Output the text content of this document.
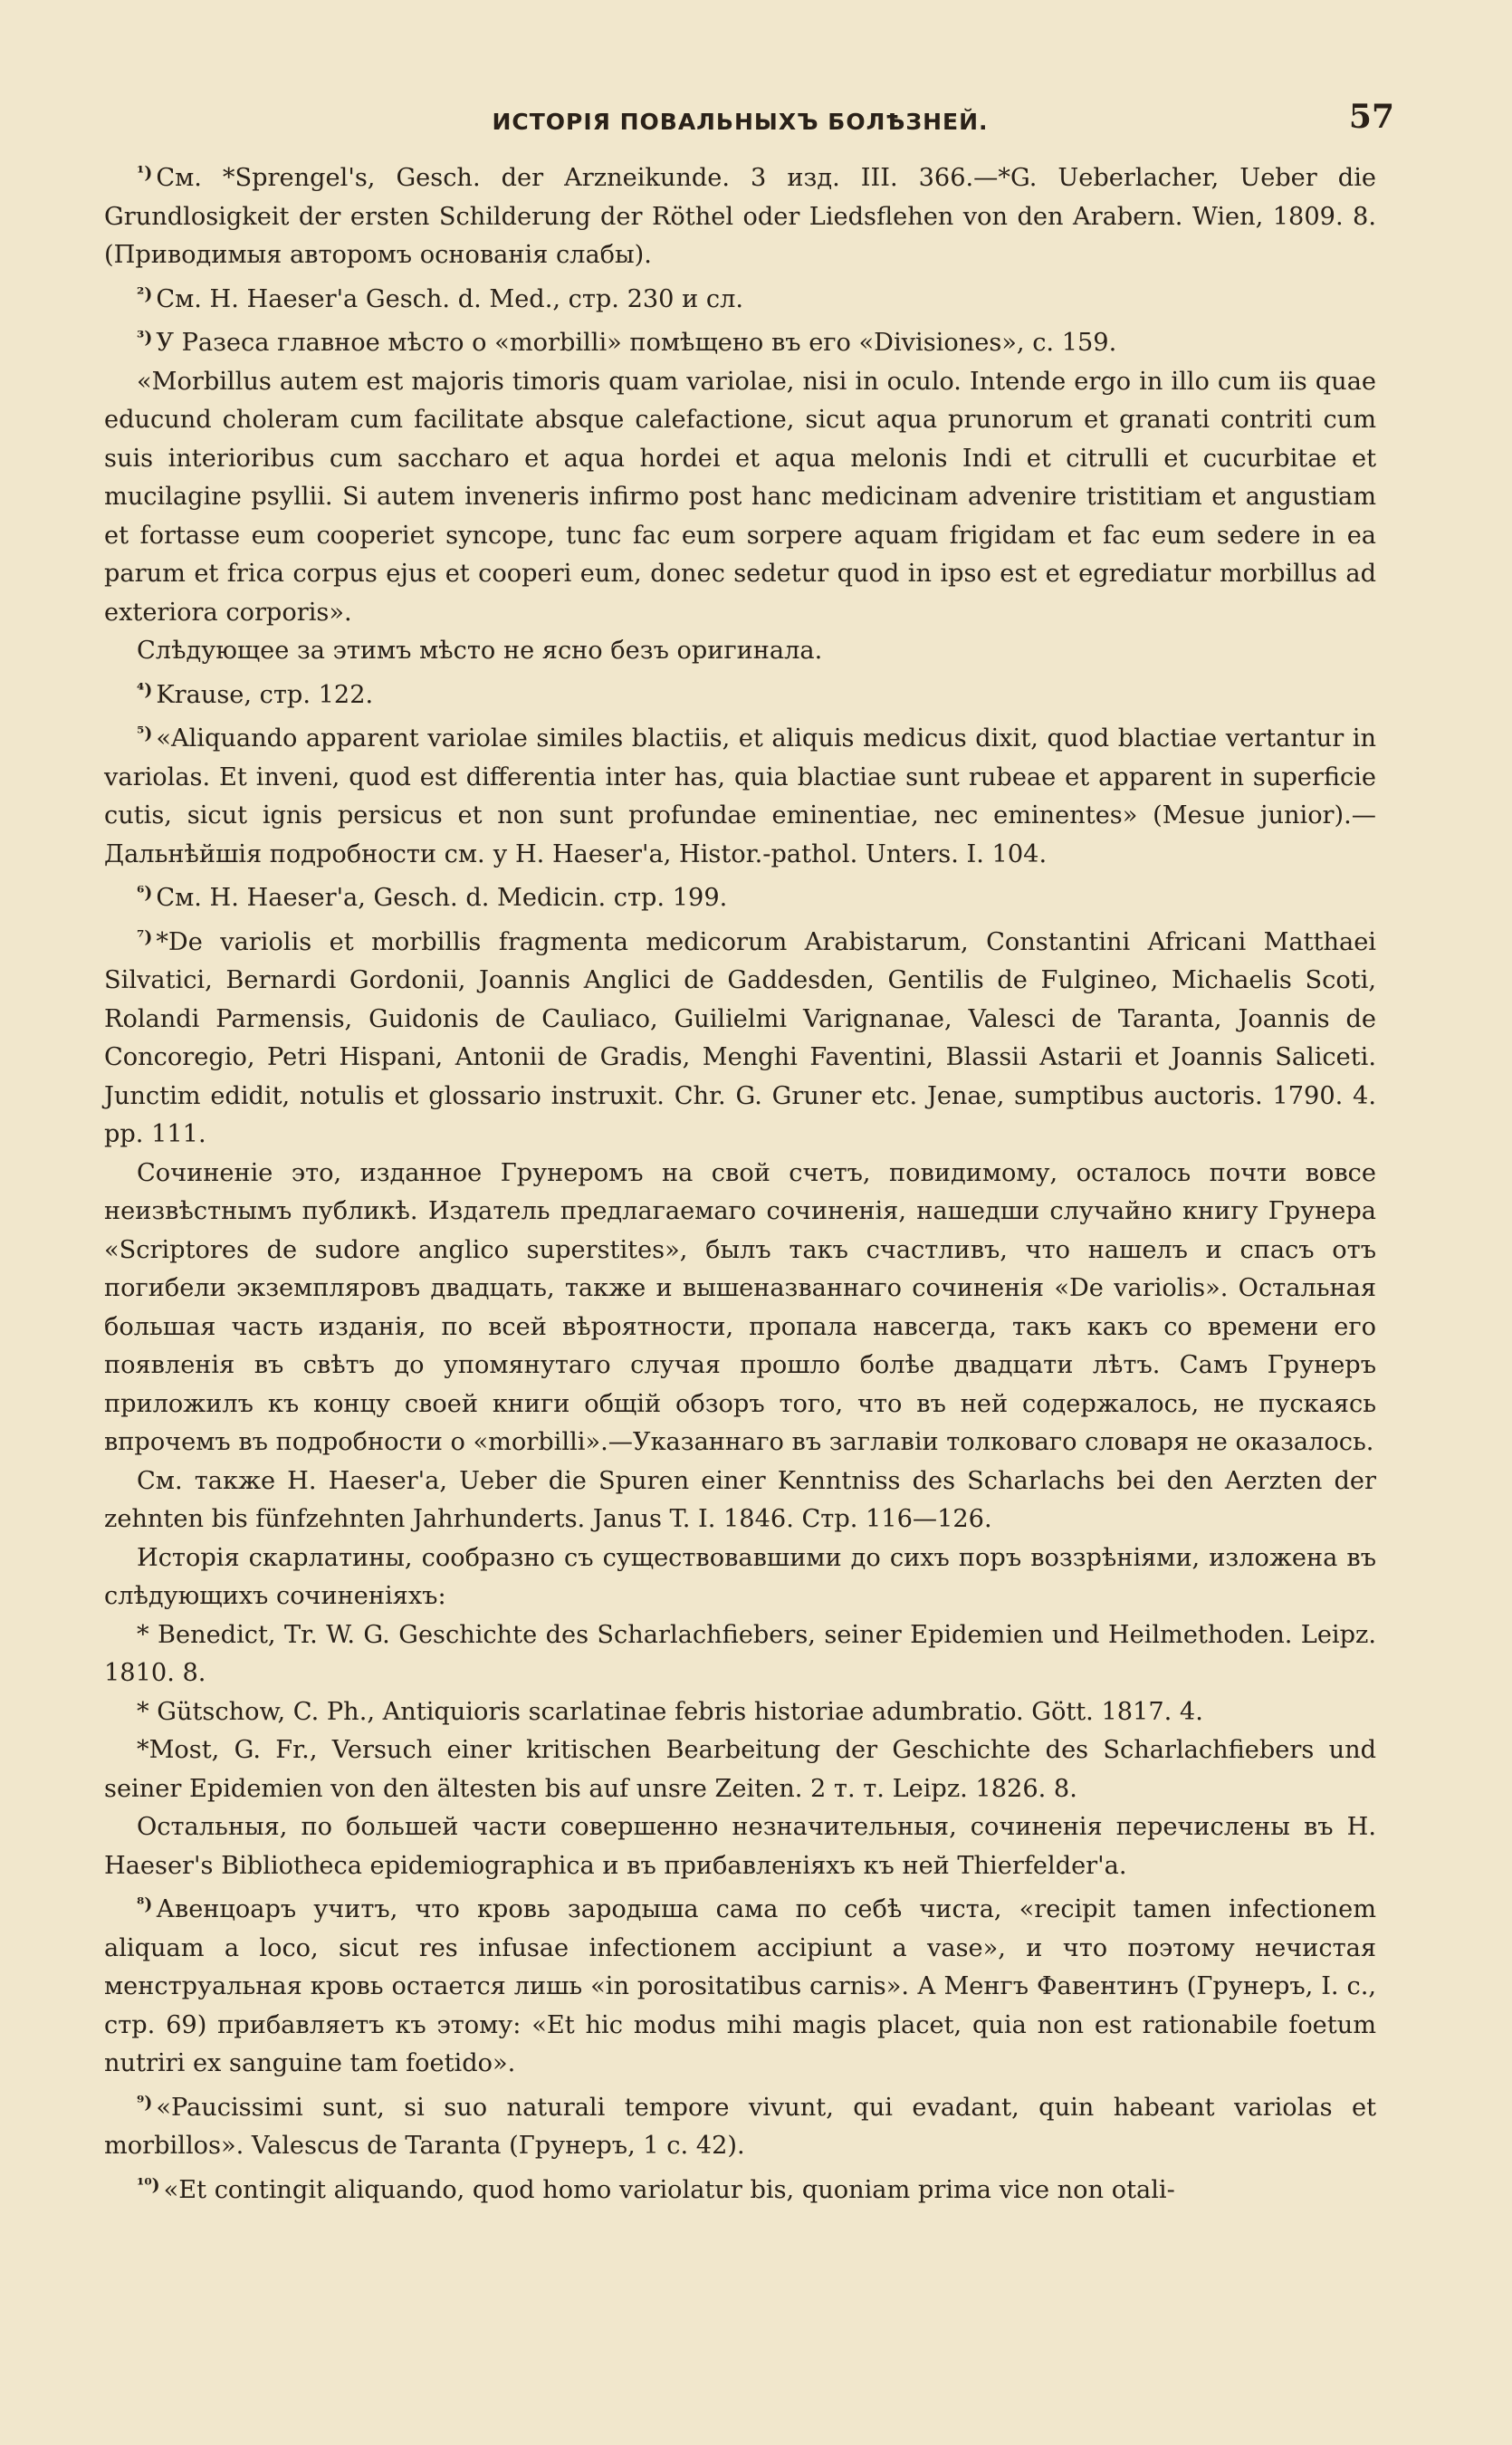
ИСТОРІЯ ПОВАЛЬНЫХЪ БОЛѢЗНЕЙ.	57

$^{^1)}$ См. *Sprengel's, Gesch. der Arzneikunde. 3 изд. III. 366.—*G. Ueberlacher, Ueber die Grundlosigkeit der ersten Schilderung der Röthel oder Liedsflehen von den Arabern. Wien, 1809. 8. (Приводимыя авторомъ основанія слабы).

$^{^2)}$ См. H. Haeser'a Gesch. d. Med., стр. 230 и сл.

$^{^3)}$ У Разеса главное мѣсто о «morbilli» помѣщено въ его «Divisiones», с. 159.

«Morbillus autem est majoris timoris quam variolae, nisi in oculo. Intende ergo in illo cum iis quae educund choleram cum facilitate absque calefactione, sicut aqua prunorum et granati contriti cum suis interioribus cum saccharo et aqua hordei et aqua melonis Indi et citrulli et cucurbitae et mucilagine psyllii. Si autem inveneris infirmo post hanc medicinam advenire tristitiam et angustiam et fortasse eum cooperiet syncope, tunc fac eum sorpere aquam frigidam et fac eum sedere in ea parum et frica corpus ejus et cooperi eum, donec sedetur quod in ipso est et egrediatur morbillus ad exteriora corporis».

Слѣдующее за этимъ мѣсто не ясно безъ оригинала.

$^{^4)}$ Krause, стр. 122.

$^{^5)}$ «Aliquando apparent variolae similes blactiis, et aliquis medicus dixit, quod blactiae vertantur in variolas. Et inveni, quod est differentia inter has, quia blactiae sunt rubeae et apparent in superficie cutis, sicut ignis persicus et non sunt profundae eminentiae, nec eminentes» (Mesue junior).—Дальнѣйшія подробности см. у H. Haeser'a, Histor.-pathol. Unters. I. 104.

$^{^6)}$ См. H. Haeser'a, Gesch. d. Medicin. стр. 199.

$^{^7)}$ *De variolis et morbillis fragmenta medicorum Arabistarum, Constantini Africani Matthaei Silvatici, Bernardi Gordonii, Joannis Anglici de Gaddesden, Gentilis de Fulgineo, Michaelis Scoti, Rolandi Parmensis, Guidonis de Cauliaco, Guilielmi Varignanae, Valesci de Taranta, Joannis de Concoregio, Petri Hispani, Antonii de Gradis, Menghi Faventini, Blassii Astarii et Joannis Saliceti. Junctim edidit, notulis et glossario instruxit. Chr. G. Gruner etc. Jenae, sumptibus auctoris. 1790. 4. pp. 111.

Сочиненіе это, изданное Грунеромъ на свой счетъ, повидимому, осталось почти вовсе неизвѣстнымъ публикѣ. Издатель предлагаемаго сочиненія, нашедши случайно книгу Грунера «Scriptores de sudore anglico superstites», былъ такъ счастливъ, что нашелъ и спасъ отъ погибели экземпляровъ двадцать, также и вышеназваннаго сочиненія «De variolis». Остальная большая часть изданія, по всей вѣроятности, пропала навсегда, такъ какъ со времени его появленія въ свѣтъ до упомянутаго случая прошло болѣе двадцати лѣтъ. Самъ Грунеръ приложилъ къ концу своей книги общій обзоръ того, что въ ней содержалось, не пускаясь впрочемъ въ подробности о «morbilli».—Указаннаго въ заглавіи толковаго словаря не оказалось.

См. также H. Haeser'a, Ueber die Spuren einer Kenntniss des Scharlachs bei den Aerzten der zehnten bis fünfzehnten Jahrhunderts. Janus T. I. 1846. Стр. 116—126.

Исторія скарлатины, сообразно съ существовавшими до сихъ поръ воззрѣніями, изложена въ слѣдующихъ сочиненіяхъ:

* Benedict, Tr. W. G. Geschichte des Scharlachfiebers, seiner Epidemien und Heilmethoden. Leipz. 1810. 8.

* Gütschow, C. Ph., Antiquioris scarlatinae febris historiae adumbratio. Gött. 1817. 4.

*Most, G. Fr., Versuch einer kritischen Bearbeitung der Geschichte des Scharlachfiebers und seiner Epidemien von den ältesten bis auf unsre Zeiten. 2 т. т. Leipz. 1826. 8.

Остальныя, по большей части совершенно незначительныя, сочиненія перечислены въ H. Haeser's Bibliotheca epidemiographica и въ прибавленіяхъ къ ней Thierfelder'a.

$^{^8)}$ Авенцоаръ учитъ, что кровь зародыша сама по себѣ чиста, «recipit tamen infectionem aliquam a loco, sicut res infusae infectionem accipiunt a vase», и что поэтому нечистая менструальная кровь остается лишь «in porositatibus carnis». А Менгъ Фавентинъ (Грунеръ, I. с., стр. 69) прибавляетъ къ этому: «Et hic modus mihi magis placet, quia non est rationabile foetum nutriri ex sanguine tam foetido».

$^{^9)}$ «Paucissimi sunt, si suo naturali tempore vivunt, qui evadant, quin habeant variolas et morbillos». Valescus de Taranta (Грунеръ, 1 с. 42).

$^{^{10})}$ «Et contingit aliquando, quod homo variolatur bis, quoniam prima vice non otali-
